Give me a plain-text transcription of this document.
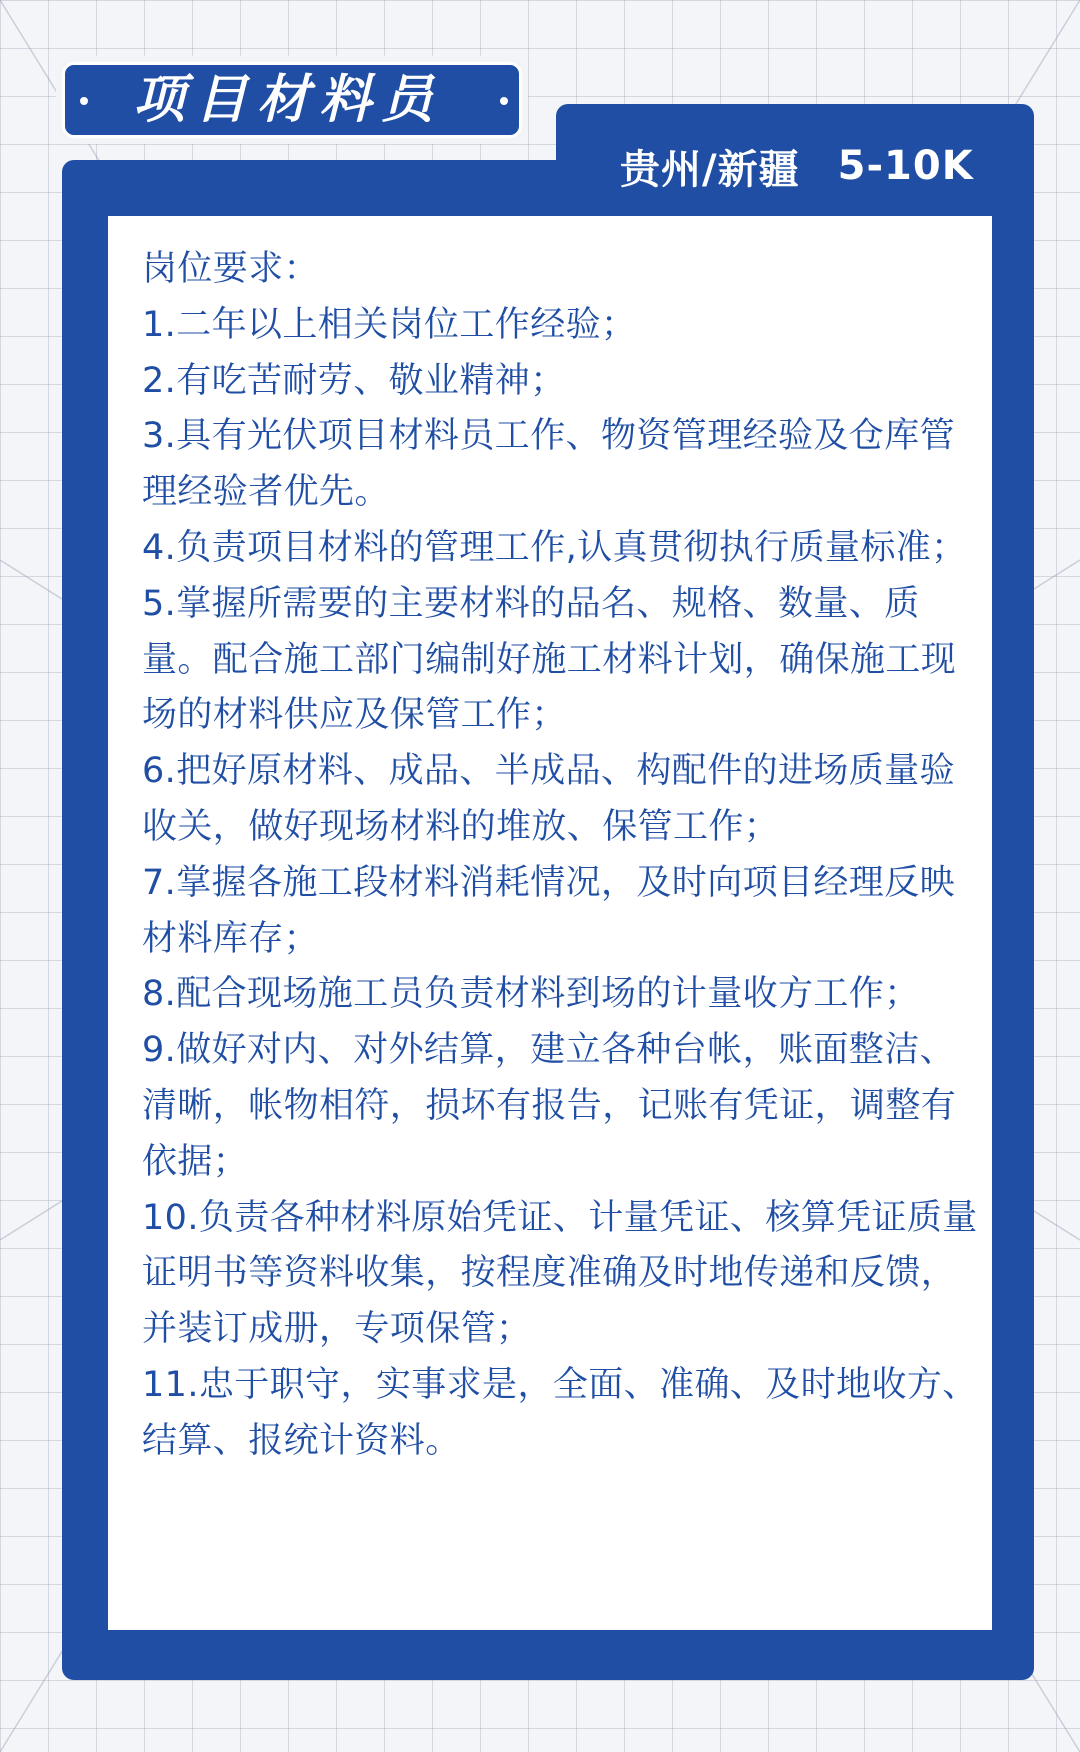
项目材料员
贵州/新疆 5-10K

岗位要求：

1.二年以上相关岗位工作经验；

2.有吃苦耐劳、敬业精神；

3.具有光伏项目材料员工作、物资管理经验及仓库管理经验者优先。

4.负责项目材料的管理工作,认真贯彻执行质量标准；

5.掌握所需要的主要材料的品名、规格、数量、质量。配合施工部门编制好施工材料计划，确保施工现场的材料供应及保管工作；

6.把好原材料、成品、半成品、构配件的进场质量验收关，做好现场材料的堆放、保管工作；

7.掌握各施工段材料消耗情况，及时向项目经理反映材料库存；

8.配合现场施工员负责材料到场的计量收方工作；

9.做好对内、对外结算，建立各种台帐，账面整洁、清晰，帐物相符，损坏有报告，记账有凭证，调整有依据；

10.负责各种材料原始凭证、计量凭证、核算凭证质量证明书等资料收集，按程度准确及时地传递和反馈，并装订成册，专项保管；

11.忠于职守，实事求是，全面、准确、及时地收方、结算、报统计资料。
